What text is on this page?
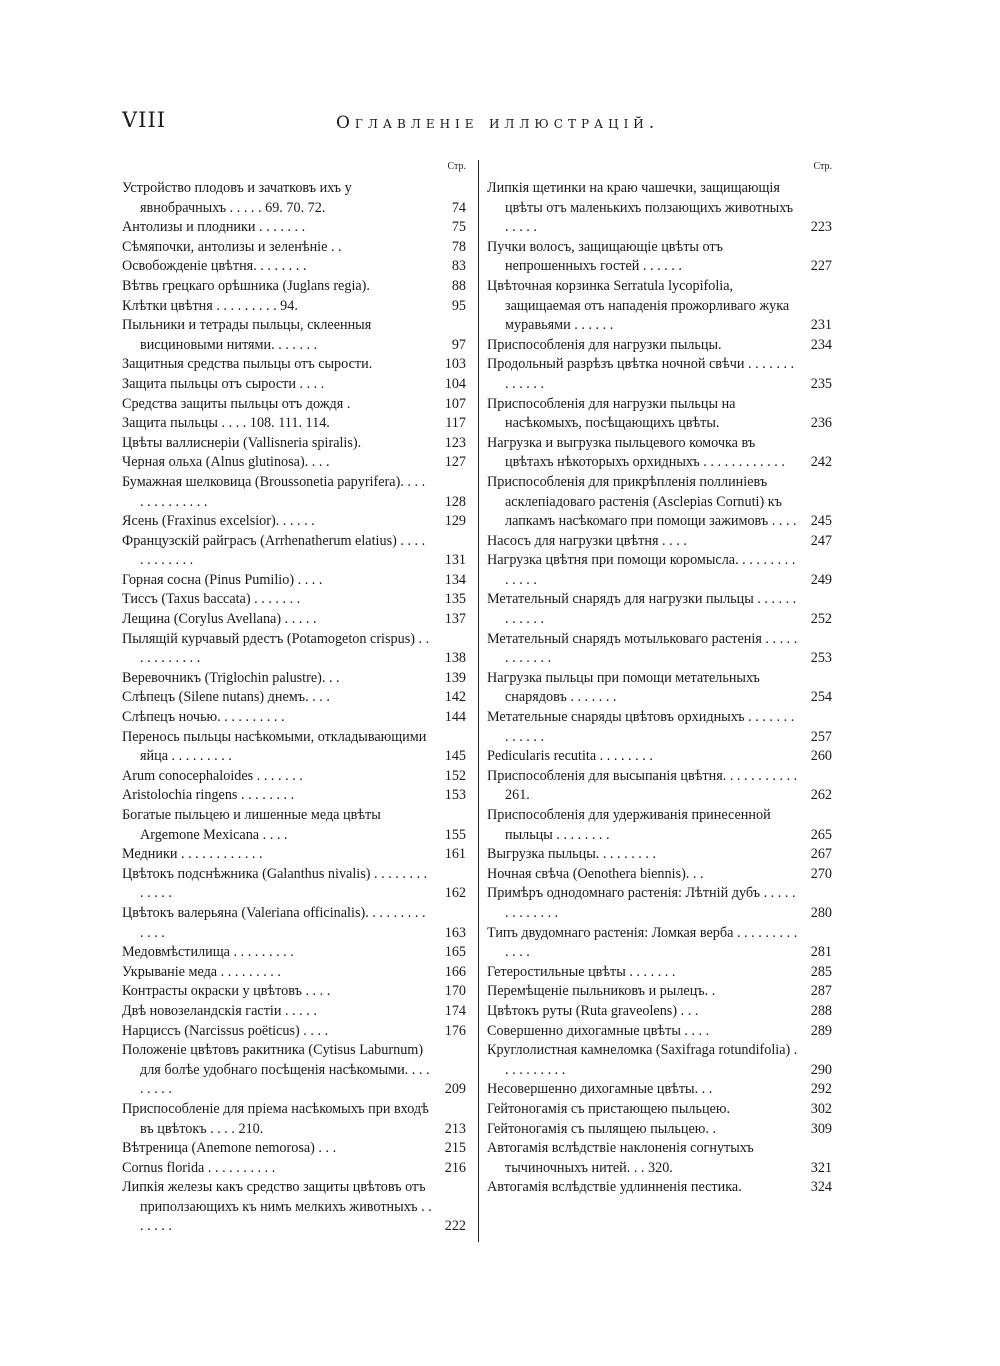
VIII	Оглавленіе иллюстрацій.
Стр.
Устройство плодовъ и зачатковъ ихъ у явнобрачныхъ . . . . . 69. 70. 72.	74
Антолизы и плодники . . . . . . .	75
Сѣмяпочки, антолизы и зеленѣніе . .	78
Освобожденіе цвѣтня. . . . . . . .	83
Вѣтвь грецкаго орѣшника (Juglans regia).	88
Клѣтки цвѣтня . . . . . . . . . 94.	95
Пыльники и тетрады пыльцы, склеенныя висциновыми нитями. . . . . . .	97
Защитныя средства пыльцы отъ сырости.	103
Защита пыльцы отъ сырости . . . .	104
Средства защиты пыльцы отъ дождя .	107
Защита пыльцы . . . . 108. 111. 114.	117
Цвѣты валлиснеріи (Vallisneria spiralis).	123
Черная ольха (Alnus glutinosa). . . .	127
Бумажная шелковица (Broussonetia papyrifera). . . . . . . . . . . . . .	128
Ясень (Fraxinus excelsior). . . . . .	129
Французскій райграсъ (Arrhenatherum elatius) . . . . . . . . . . . .	131
Горная сосна (Pinus Pumilio) . . . .	134
Тиссъ (Taxus baccata) . . . . . . .	135
Лещина (Corylus Avellana) . . . . .	137
Пылящій курчавый рдестъ (Potamogeton crispus) . . . . . . . . . . .	138
Веревочникъ (Triglochin palustre). . .	139
Слѣпецъ (Silene nutans) днемъ. . . .	142
Слѣпецъ ночью. . . . . . . . . .	144
Перенось пыльцы насѣкомыми, откладывающими яйца . . . . . . . . .	145
Arum conocephaloides . . . . . . .	152
Aristolochia ringens . . . . . . . .	153
Богатые пыльцею и лишенные меда цвѣты Argemone Mexicana . . . .	155
Медники . . . . . . . . . . . .	161
Цвѣтокъ подснѣжника (Galanthus nivalis) . . . . . . . . . . . . .	162
Цвѣтокъ валерьяна (Valeriana officinalis). . . . . . . . . . . . .	163
Медовмѣстилища . . . . . . . . .	165
Укрываніе меда . . . . . . . . .	166
Контрасты окраски у цвѣтовъ . . . .	170
Двѣ новозеландскія гастіи . . . . .	174
Нарциссъ (Narcissus poëticus) . . . .	176
Положеніе цвѣтовъ ракитника (Cytisus Laburnum) для болѣе удобнаго посѣщенія насѣкомыми. . . . . . . . .	209
Приспособленіе для пріема насѣкомыхъ при входѣ въ цвѣтокъ . . . . 210.	213
Вѣтреница (Anemone nemorosa) . . .	215
Cornus florida . . . . . . . . . .	216
Липкія железы какъ средство защиты цвѣтовъ отъ приползающихъ къ нимъ мелкихъ животныхъ . . . . . . .	222
Стр.
Липкія щетинки на краю чашечки, защищающія цвѣты отъ маленькихъ ползающихъ животныхъ . . . . .	223
Пучки волосъ, защищающіе цвѣты отъ непрошенныхъ гостей . . . . . .	227
Цвѣточная корзинка Serratula lycopifolia, защищаемая отъ нападенія прожорливаго жука муравьями . . . . . .	231
Приспособленія для нагрузки пыльцы.	234
Продольный разрѣзъ цвѣтка ночной свѣчи . . . . . . . . . . . . .	235
Приспособленія для нагрузки пыльцы на насѣкомыхъ, посѣщающихъ цвѣты.	236
Нагрузка и выгрузка пыльцевого комочка въ цвѣтахъ нѣкоторыхъ орхидныхъ . . . . . . . . . . . .	242
Приспособленія для прикрѣпленія поллиніевъ асклепіадоваго растенія (Asclepias Cornuti) къ лапкамъ насѣкомаго при помощи зажимовъ . . . . 245
Насосъ для нагрузки цвѣтня . . . .	247
Нагрузка цвѣтня при помощи коромысла. . . . . . . . . . . . . .	249
Метательный снарядъ для нагрузки пыльцы . . . . . . . . . . . .	252
Метательный снарядъ мотыльковаго растенія . . . . . . . . . . . .	253
Нагрузка пыльцы при помощи метательныхъ снарядовъ . . . . . . .	254
Метательные снаряды цвѣтовъ орхидныхъ . . . . . . . . . . . . .	257
Pedicularis recutita . . . . . . . .	260
Приспособленія для высыпанія цвѣтня. . . . . . . . . . . 261.	262
Приспособленія для удерживанія принесенной пыльцы . . . . . . . .	265
Выгрузка пыльцы. . . . . . . . .	267
Ночная свѣча (Oenothera biennis). . .	270
Примѣръ однодомнаго растенія: Лѣтній дубъ . . . . . . . . . . . . .	280
Типъ двудомнаго растенія: Ломкая верба . . . . . . . . . . . . .	281
Гетеростильные цвѣты . . . . . . .	285
Перемѣщеніе пыльниковъ и рылецъ. .	287
Цвѣтокъ руты (Ruta graveolens) . . .	288
Совершенно дихогамные цвѣты . . . .	289
Круглолистная камнеломка (Saxifraga rotundifolia) . . . . . . . . . .	290
Несовершенно дихогамные цвѣты. . .	292
Гейтоногамія съ пристающею пыльцею.	302
Гейтоногамія съ пылящею пыльцею. .	309
Автогамія вслѣдствіе наклоненія согнутыхъ тычиночныхъ нитей. . . 320.	321
Автогамія вслѣдствіе удлинненія пестика.	324
